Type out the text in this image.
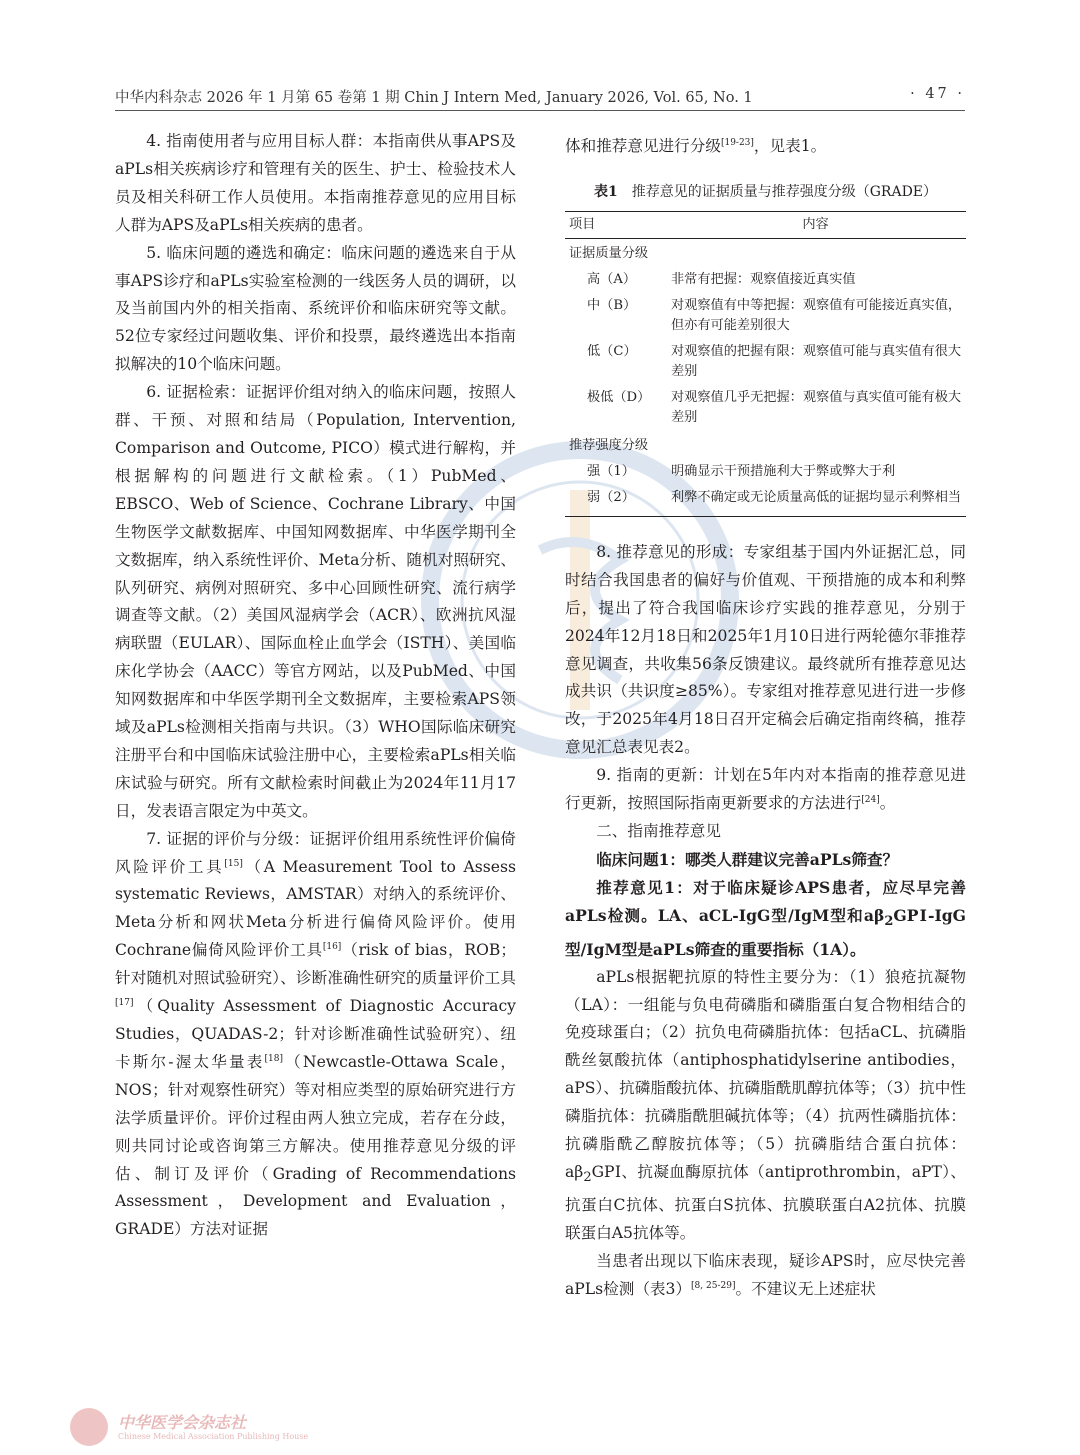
中华内科杂志 2026 年 1 月第 65 卷第 1 期 Chin J Intern Med, January 2026, Vol. 65, No. 1	· 47 ·

4. 指南使用者与应用目标人群：本指南供从事APS及aPLs相关疾病诊疗和管理有关的医生、护士、检验技术人员及相关科研工作人员使用。本指南推荐意见的应用目标人群为APS及aPLs相关疾病的患者。

5. 临床问题的遴选和确定：临床问题的遴选来自于从事APS诊疗和aPLs实验室检测的一线医务人员的调研，以及当前国内外的相关指南、系统评价和临床研究等文献。52位专家经过问题收集、评价和投票，最终遴选出本指南拟解决的10个临床问题。

6. 证据检索：证据评价组对纳入的临床问题，按照人群、干预、对照和结局（Population, Intervention, Comparison and Outcome, PICO）模式进行解构，并根据解构的问题进行文献检索。（1）PubMed、EBSCO、Web of Science、Cochrane Library、中国生物医学文献数据库、中国知网数据库、中华医学期刊全文数据库，纳入系统性评价、Meta分析、随机对照研究、队列研究、病例对照研究、多中心回顾性研究、流行病学调查等文献。（2）美国风湿病学会（ACR）、欧洲抗风湿病联盟（EULAR）、国际血栓止血学会（ISTH）、美国临床化学协会（AACC）等官方网站，以及PubMed、中国知网数据库和中华医学期刊全文数据库，主要检索APS领域及aPLs检测相关指南与共识。（3）WHO国际临床研究注册平台和中国临床试验注册中心，主要检索aPLs相关临床试验与研究。所有文献检索时间截止为2024年11月17日，发表语言限定为中英文。

7. 证据的评价与分级：证据评价组用系统性评价偏倚风险评价工具[15]（A Measurement Tool to Assess systematic Reviews，AMSTAR）对纳入的系统评价、Meta分析和网状Meta分析进行偏倚风险评价。使用Cochrane偏倚风险评价工具[16]（risk of bias，ROB；针对随机对照试验研究）、诊断准确性研究的质量评价工具[17]（Quality Assessment of Diagnostic Accuracy Studies，QUADAS-2；针对诊断准确性试验研究）、纽卡斯尔-渥太华量表[18]（Newcastle-Ottawa Scale，NOS；针对观察性研究）等对相应类型的原始研究进行方法学质量评价。评价过程由两人独立完成，若存在分歧，则共同讨论或咨询第三方解决。使用推荐意见分级的评估、制订及评价（Grading of Recommendations Assessment，Development and Evaluation，GRADE）方法对证据

体和推荐意见进行分级[19-23]，见表1。

表1 推荐意见的证据质量与推荐强度分级（GRADE）
项目	内容
证据质量分级	
高（A）	非常有把握：观察值接近真实值
中（B）	对观察值有中等把握：观察值有可能接近真实值，但亦有可能差别很大
低（C）	对观察值的把握有限：观察值可能与真实值有很大差别
极低（D）	对观察值几乎无把握：观察值与真实值可能有极大差别
推荐强度分级	
强（1）	明确显示干预措施利大于弊或弊大于利
弱（2）	利弊不确定或无论质量高低的证据均显示利弊相当

8. 推荐意见的形成：专家组基于国内外证据汇总，同时结合我国患者的偏好与价值观、干预措施的成本和利弊后，提出了符合我国临床诊疗实践的推荐意见，分别于2024年12月18日和2025年1月10日进行两轮德尔菲推荐意见调查，共收集56条反馈建议。最终就所有推荐意见达成共识（共识度≥85%）。专家组对推荐意见进行进一步修改，于2025年4月18日召开定稿会后确定指南终稿，推荐意见汇总表见表2。

9. 指南的更新：计划在5年内对本指南的推荐意见进行更新，按照国际指南更新要求的方法进行[24]。

二、指南推荐意见

临床问题1：哪类人群建议完善aPLs筛查？

推荐意见1：对于临床疑诊APS患者，应尽早完善aPLs检测。LA、aCL-IgG型/IgM型和$a\beta_2GPⅠ$-IgG型/IgM型是aPLs筛查的重要指标（1A）。

aPLs根据靶抗原的特性主要分为：（1）狼疮抗凝物（LA）：一组能与负电荷磷脂和磷脂蛋白复合物相结合的免疫球蛋白；（2）抗负电荷磷脂抗体：包括aCL、抗磷脂酰丝氨酸抗体（antiphosphatidylserine antibodies，aPS）、抗磷脂酸抗体、抗磷脂酰肌醇抗体等；（3）抗中性磷脂抗体：抗磷脂酰胆碱抗体等；（4）抗两性磷脂抗体：抗磷脂酰乙醇胺抗体等；（5）抗磷脂结合蛋白抗体：$a\beta_2GPⅠ$、抗凝血酶原抗体（antiprothrombin，aPT）、抗蛋白C抗体、抗蛋白S抗体、抗膜联蛋白A2抗体、抗膜联蛋白A5抗体等。

当患者出现以下临床表现，疑诊APS时，应尽快完善aPLs检测（表3）[8, 25-29]。不建议无上述症状

中华医学会杂志社
Chinese Medical Association Publishing House
